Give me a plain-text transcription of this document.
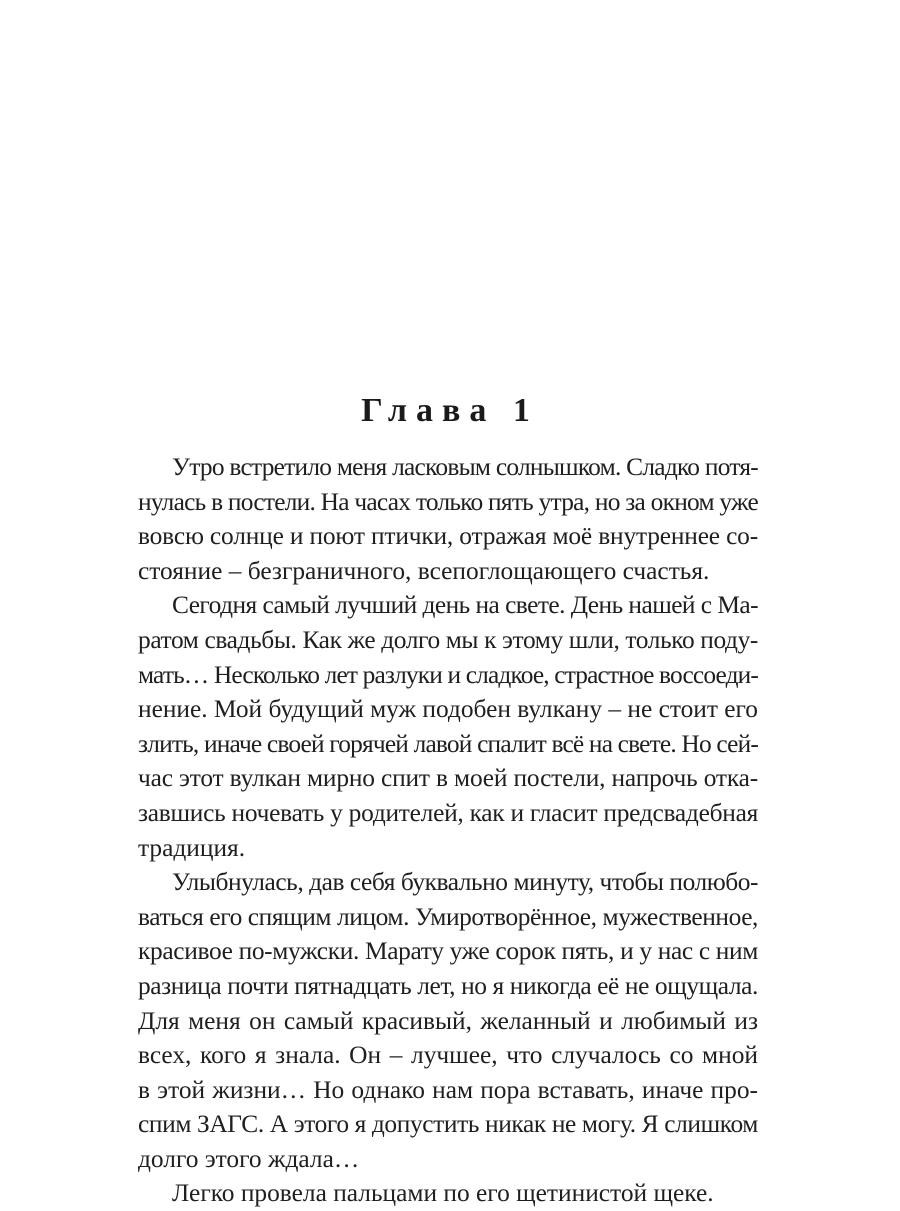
Глава 1
Утро встретило меня ласковым солнышком. Сладко потя-
нулась в постели. На часах только пять утра, но за окном уже
вовсю солнце и поют птички, отражая моё внутреннее со-
стояние – безграничного, всепоглощающего счастья.
Сегодня самый лучший день на свете. День нашей с Ма-
ратом свадьбы. Как же долго мы к этому шли, только поду-
мать… Несколько лет разлуки и сладкое, страстное воссоеди-
нение. Мой будущий муж подобен вулкану – не стоит его
злить, иначе своей горячей лавой спалит всё на свете. Но сей-
час этот вулкан мирно спит в моей постели, напрочь отка-
завшись ночевать у родителей, как и гласит предсвадебная
традиция.
Улыбнулась, дав себя буквально минуту, чтобы полюбо-
ваться его спящим лицом. Умиротворённое, мужественное,
красивое по-мужски. Марату уже сорок пять, и у нас с ним
разница почти пятнадцать лет, но я никогда её не ощущала.
Для меня он самый красивый, желанный и любимый из
всех, кого я знала. Он – лучшее, что случалось со мной
в этой жизни… Но однако нам пора вставать, иначе про-
спим ЗАГС. А этого я допустить никак не могу. Я слишком
долго этого ждала…
Легко провела пальцами по его щетинистой щеке.
